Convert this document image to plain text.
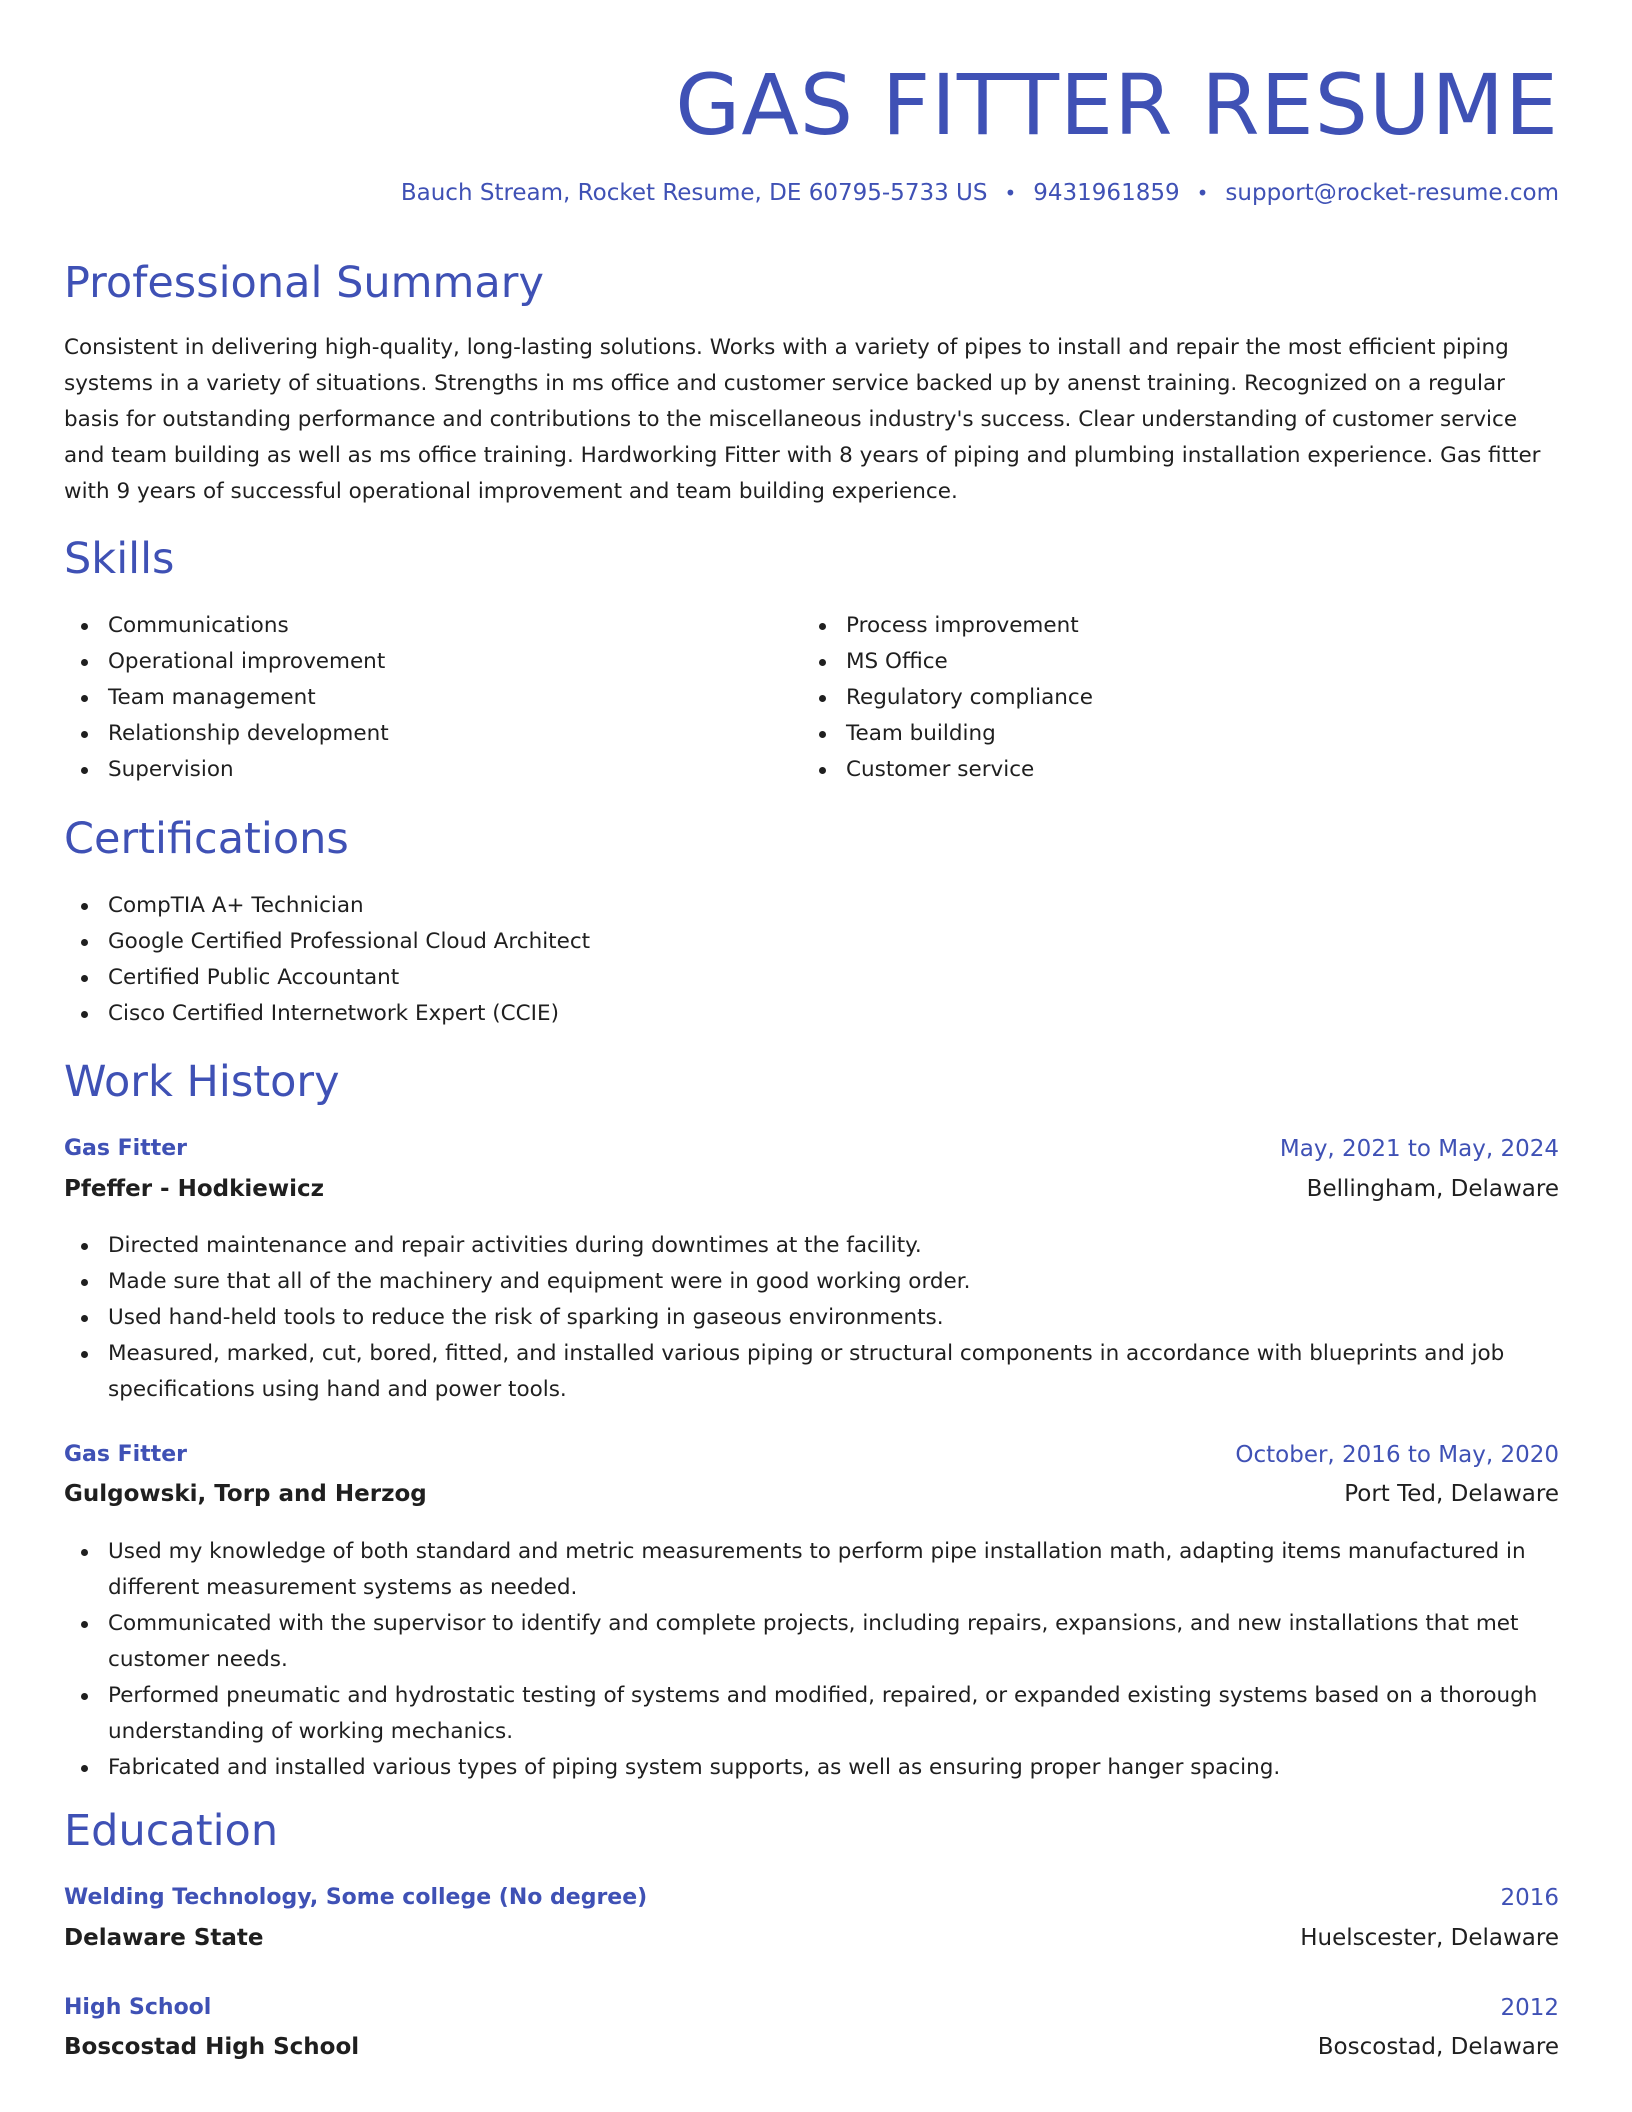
GAS FITTER RESUME
Bauch Stream, Rocket Resume, DE 60795-5733 US • 9431961859 • support@rocket-resume.com
Professional Summary

Consistent in delivering high-quality, long-lasting solutions. Works with a variety of pipes to install and repair the most efficient piping systems in a variety of situations. Strengths in ms office and customer service backed up by anenst training. Recognized on a regular basis for outstanding performance and contributions to the miscellaneous industry's success. Clear understanding of customer service and team building as well as ms office training. Hardworking Fitter with 8 years of piping and plumbing installation experience. Gas fitter with 9 years of successful operational improvement and team building experience.

Skills
Communications
Operational improvement
Team management
Relationship development
Supervision
Process improvement
MS Office
Regulatory compliance
Team building
Customer service
Certifications
CompTIA A+ Technician
Google Certified Professional Cloud Architect
Certified Public Accountant
Cisco Certified Internetwork Expert (CCIE)
Work History
Gas Fitter	May, 2021 to May, 2024
Pfeffer - Hodkiewicz	Bellingham, Delaware
Directed maintenance and repair activities during downtimes at the facility.
Made sure that all of the machinery and equipment were in good working order.
Used hand-held tools to reduce the risk of sparking in gaseous environments.
Measured, marked, cut, bored, fitted, and installed various piping or structural components in accordance with blueprints and job specifications using hand and power tools.
Gas Fitter	October, 2016 to May, 2020
Gulgowski, Torp and Herzog	Port Ted, Delaware
Used my knowledge of both standard and metric measurements to perform pipe installation math, adapting items manufactured in different measurement systems as needed.
Communicated with the supervisor to identify and complete projects, including repairs, expansions, and new installations that met customer needs.
Performed pneumatic and hydrostatic testing of systems and modified, repaired, or expanded existing systems based on a thorough understanding of working mechanics.
Fabricated and installed various types of piping system supports, as well as ensuring proper hanger spacing.
Education
Welding Technology, Some college (No degree)	2016
Delaware State	Huelscester, Delaware
High School	2012
Boscostad High School	Boscostad, Delaware
